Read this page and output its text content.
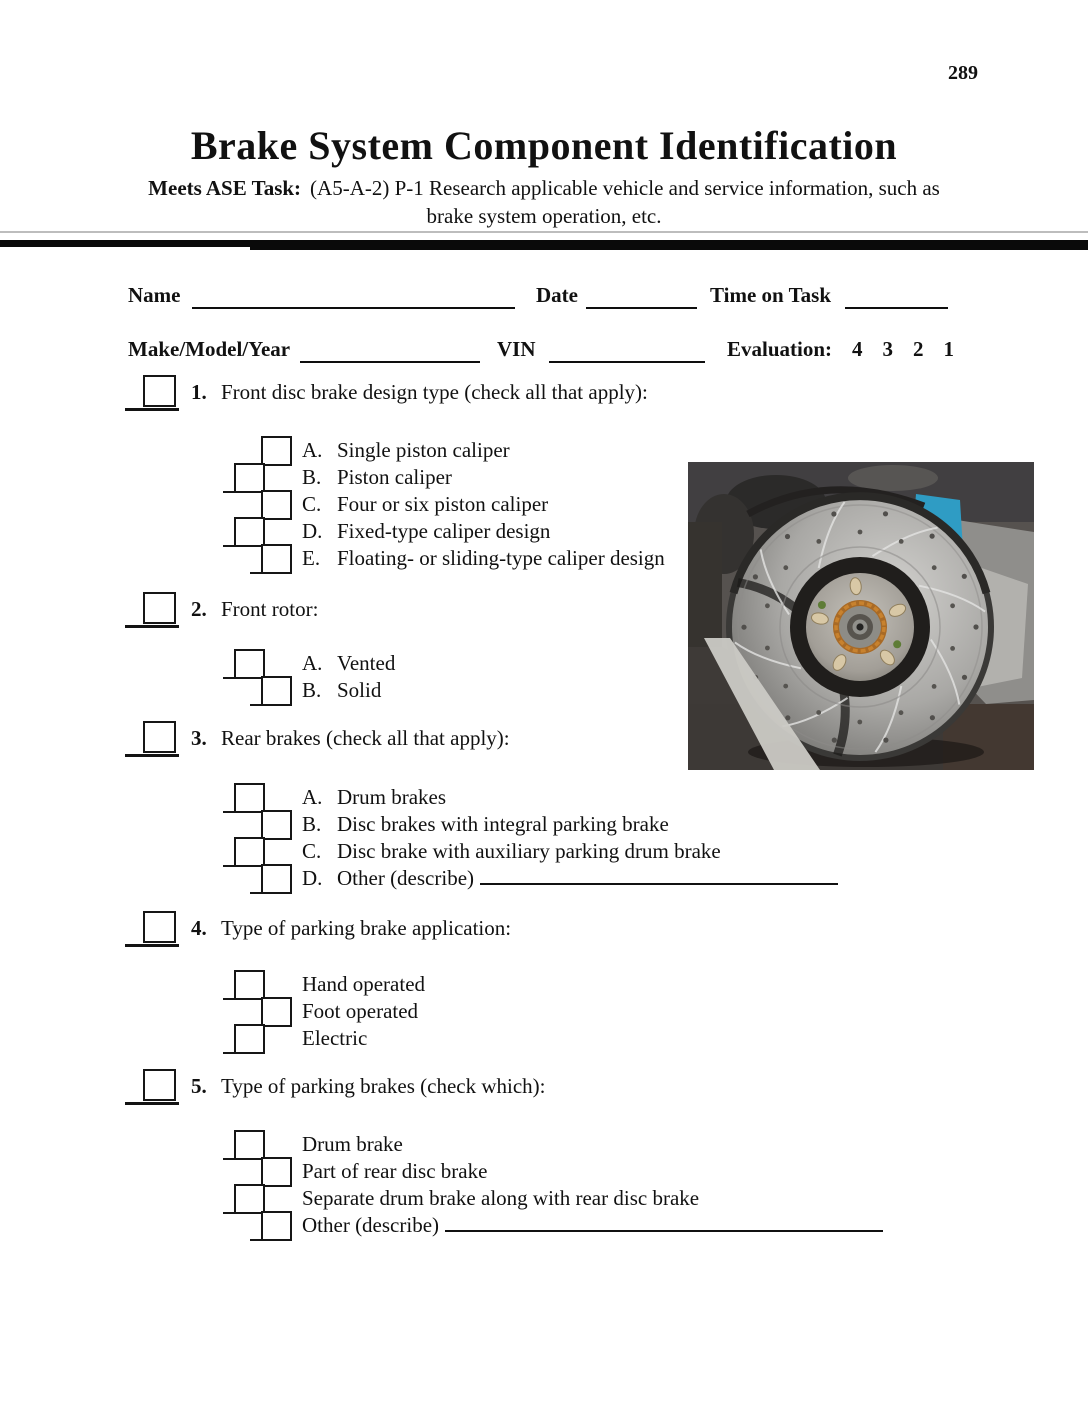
289
Brake System Component Identification
Meets ASE Task: (A5-A-2) P-1 Research applicable vehicle and service information, such as
brake system operation, etc.
Name	Date	Time on Task
Make/Model/Year	VIN	Evaluation: 4 3 2 1
1. Front disc brake design type (check all that apply):
A. Single piston caliper
B. Piston caliper
C. Four or six piston caliper
D. Fixed-type caliper design
E. Floating- or sliding-type caliper design
2. Front rotor:
A. Vented
B. Solid
3. Rear brakes (check all that apply):
A. Drum brakes
B. Disc brakes with integral parking brake
C. Disc brake with auxiliary parking drum brake
D. Other (describe)
4. Type of parking brake application:
Hand operated
Foot operated
Electric
5. Type of parking brakes (check which):
Drum brake
Part of rear disc brake
Separate drum brake along with rear disc brake
Other (describe)
